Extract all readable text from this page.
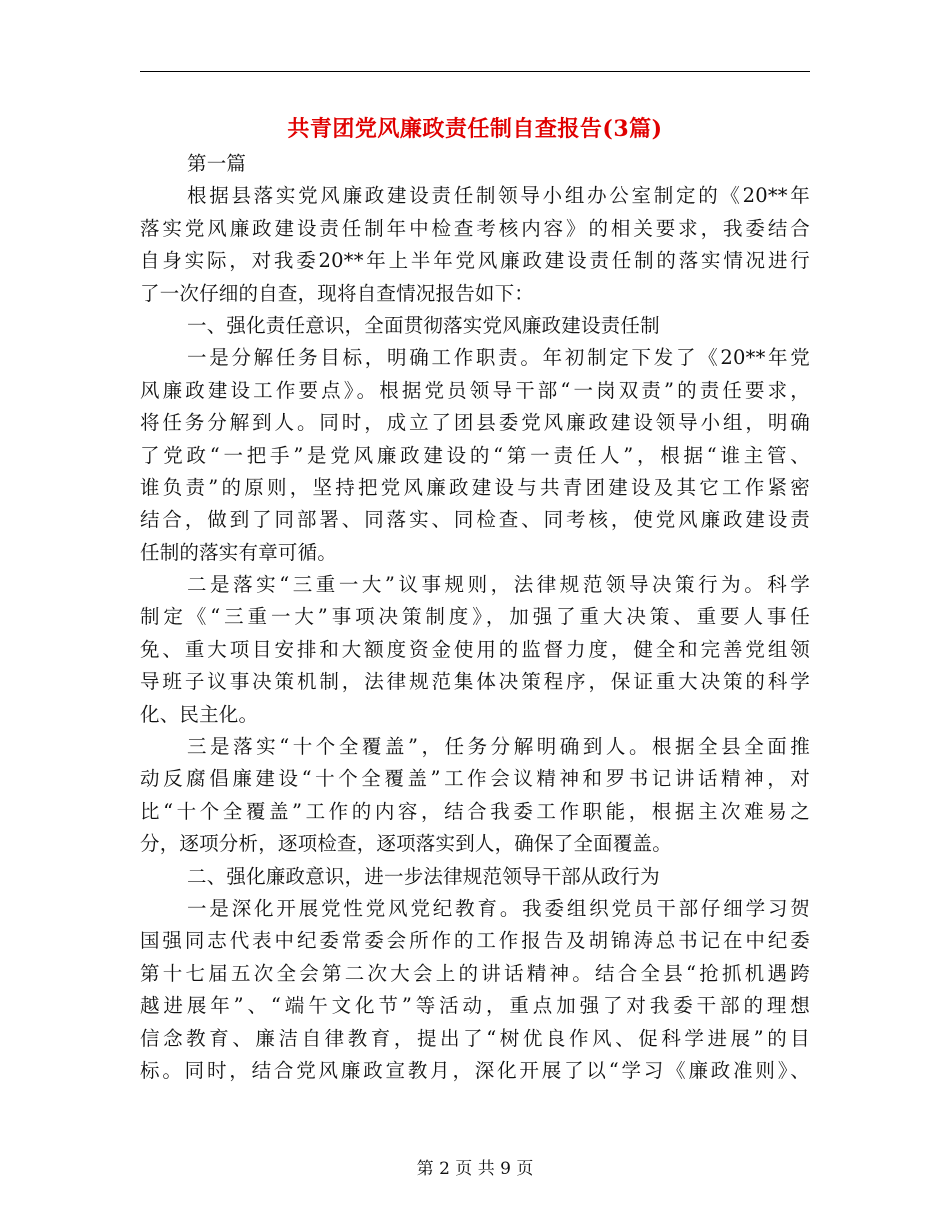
共青团党风廉政责任制自查报告(3篇)
第一篇
根据县落实党风廉政建设责任制领导小组办公室制定的《20**年
落实党风廉政建设责任制年中检查考核内容》的相关要求，我委结合
自身实际，对我委20**年上半年党风廉政建设责任制的落实情况进行
了一次仔细的自查，现将自查情况报告如下：
一、强化责任意识，全面贯彻落实党风廉政建设责任制
一是分解任务目标，明确工作职责。年初制定下发了《20**年党
风廉政建设工作要点》。根据党员领导干部“一岗双责”的责任要求，
将任务分解到人。同时，成立了团县委党风廉政建设领导小组，明确
了党政“一把手”是党风廉政建设的“第一责任人”，根据“谁主管、
谁负责”的原则，坚持把党风廉政建设与共青团建设及其它工作紧密
结合，做到了同部署、同落实、同检查、同考核，使党风廉政建设责
任制的落实有章可循。
二是落实“三重一大”议事规则，法律规范领导决策行为。科学
制定《“三重一大”事项决策制度》，加强了重大决策、重要人事任
免、重大项目安排和大额度资金使用的监督力度，健全和完善党组领
导班子议事决策机制，法律规范集体决策程序，保证重大决策的科学
化、民主化。
三是落实“十个全覆盖”，任务分解明确到人。根据全县全面推
动反腐倡廉建设“十个全覆盖”工作会议精神和罗书记讲话精神，对
比“十个全覆盖”工作的内容，结合我委工作职能，根据主次难易之
分，逐项分析，逐项检查，逐项落实到人，确保了全面覆盖。
二、强化廉政意识，进一步法律规范领导干部从政行为
一是深化开展党性党风党纪教育。我委组织党员干部仔细学习贺
国强同志代表中纪委常委会所作的工作报告及胡锦涛总书记在中纪委
第十七届五次全会第二次大会上的讲话精神。结合全县“抢抓机遇跨
越进展年”、“端午文化节”等活动，重点加强了对我委干部的理想
信念教育、廉洁自律教育，提出了“树优良作风、促科学进展”的目
标。同时，结合党风廉政宣教月，深化开展了以“学习《廉政准则》、
第 2 页 共 9 页
